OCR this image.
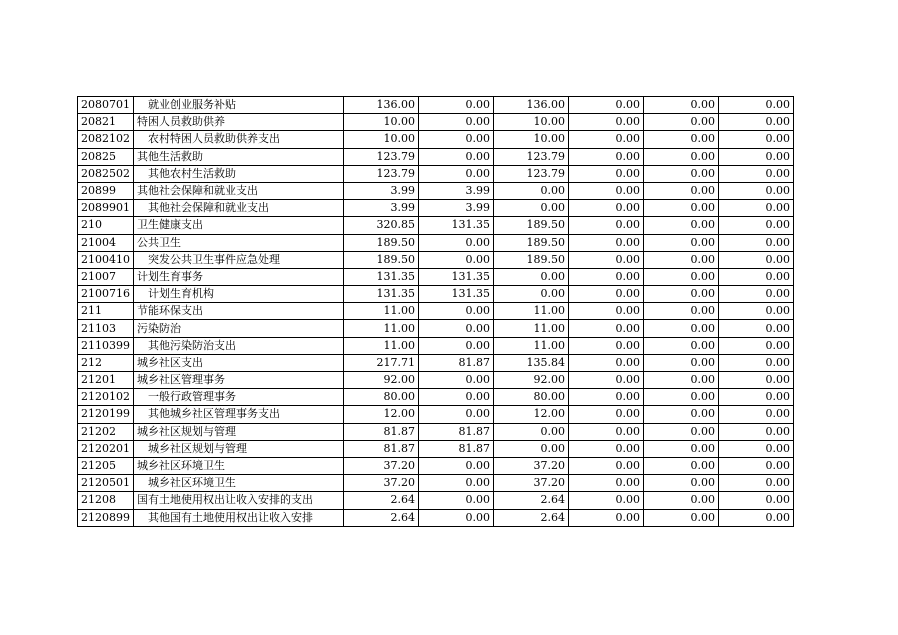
2080701	就业创业服务补贴	136.00	0.00	136.00	0.00	0.00	0.00
20821	特困人员救助供养	10.00	0.00	10.00	0.00	0.00	0.00
2082102	农村特困人员救助供养支出	10.00	0.00	10.00	0.00	0.00	0.00
20825	其他生活救助	123.79	0.00	123.79	0.00	0.00	0.00
2082502	其他农村生活救助	123.79	0.00	123.79	0.00	0.00	0.00
20899	其他社会保障和就业支出	3.99	3.99	0.00	0.00	0.00	0.00
2089901	其他社会保障和就业支出	3.99	3.99	0.00	0.00	0.00	0.00
210	卫生健康支出	320.85	131.35	189.50	0.00	0.00	0.00
21004	公共卫生	189.50	0.00	189.50	0.00	0.00	0.00
2100410	突发公共卫生事件应急处理	189.50	0.00	189.50	0.00	0.00	0.00
21007	计划生育事务	131.35	131.35	0.00	0.00	0.00	0.00
2100716	计划生育机构	131.35	131.35	0.00	0.00	0.00	0.00
211	节能环保支出	11.00	0.00	11.00	0.00	0.00	0.00
21103	污染防治	11.00	0.00	11.00	0.00	0.00	0.00
2110399	其他污染防治支出	11.00	0.00	11.00	0.00	0.00	0.00
212	城乡社区支出	217.71	81.87	135.84	0.00	0.00	0.00
21201	城乡社区管理事务	92.00	0.00	92.00	0.00	0.00	0.00
2120102	一般行政管理事务	80.00	0.00	80.00	0.00	0.00	0.00
2120199	其他城乡社区管理事务支出	12.00	0.00	12.00	0.00	0.00	0.00
21202	城乡社区规划与管理	81.87	81.87	0.00	0.00	0.00	0.00
2120201	城乡社区规划与管理	81.87	81.87	0.00	0.00	0.00	0.00
21205	城乡社区环境卫生	37.20	0.00	37.20	0.00	0.00	0.00
2120501	城乡社区环境卫生	37.20	0.00	37.20	0.00	0.00	0.00
21208	国有土地使用权出让收入安排的支出	2.64	0.00	2.64	0.00	0.00	0.00
2120899	其他国有土地使用权出让收入安排	2.64	0.00	2.64	0.00	0.00	0.00
